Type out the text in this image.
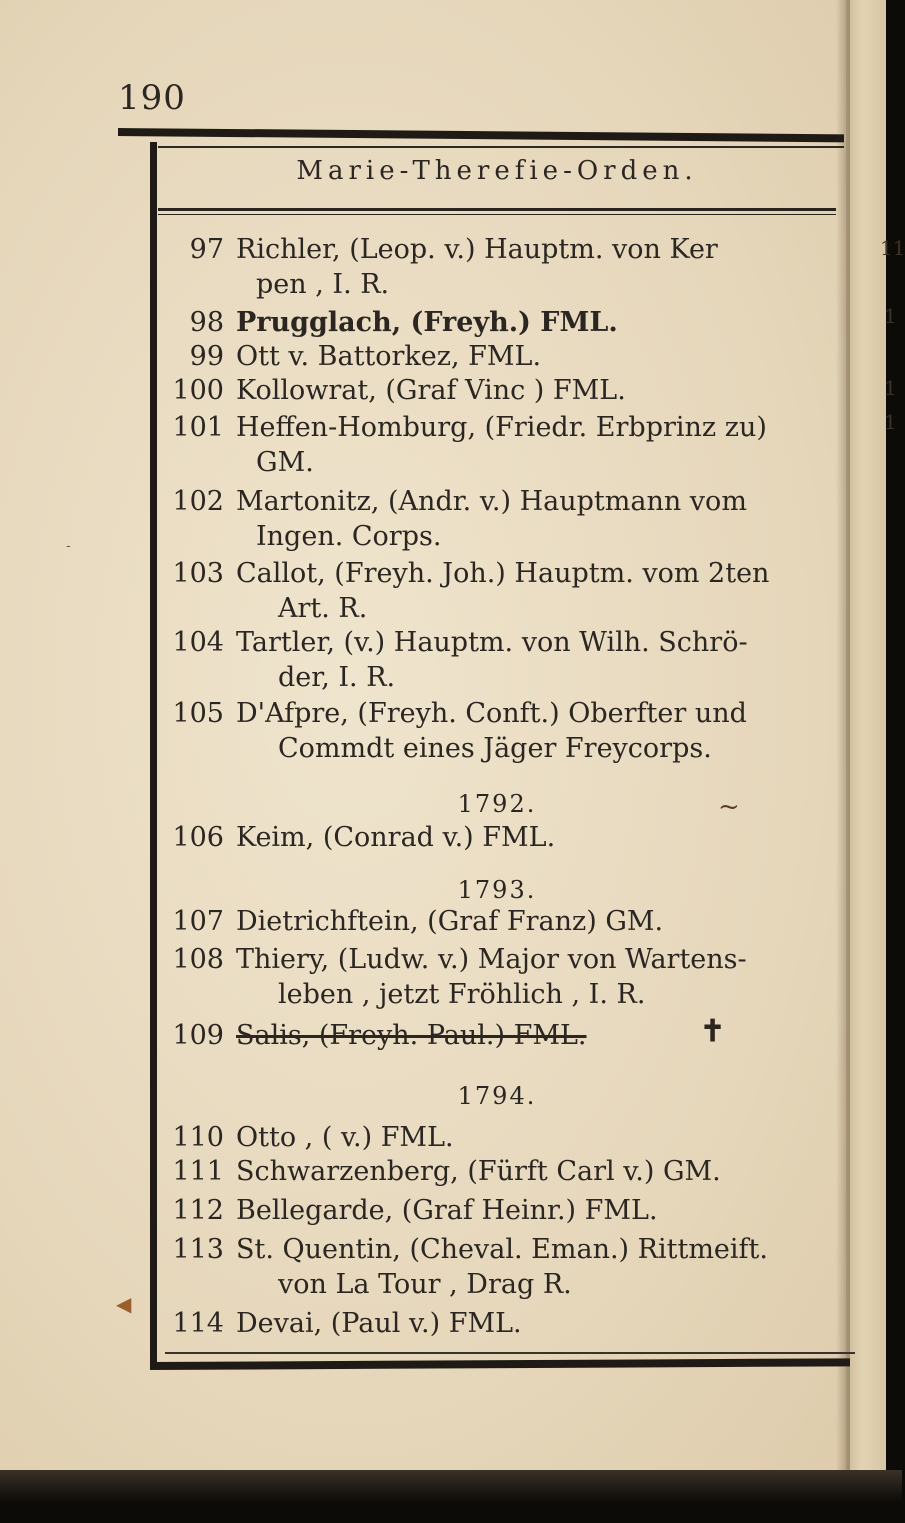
190
Marie-Therefie-Orden.
97 Richler, (Leop. v.) Hauptm. von Ker
pen , I. R.
98 Prugglach, (Freyh.) FML.
99 Ott v. Battorkez, FML.
100 Kollowrat, (Graf Vinc ) FML.
101 Heffen-Homburg, (Friedr. Erbprinz zu)
GM.
102 Martonitz, (Andr. v.) Hauptmann vom
Ingen. Corps.
103 Callot, (Freyh. Joh.) Hauptm. vom 2ten
Art. R.
104 Tartler, (v.) Hauptm. von Wilh. Schrö-
der, I. R.
105 D'Afpre, (Freyh. Conft.) Oberfter und
Commdt eines Jäger Freycorps.
1792.	~
106 Keim, (Conrad v.) FML.
1793.
107 Dietrichftein, (Graf Franz) GM.
108 Thiery, (Ludw. v.) Major von Wartens-
leben , jetzt Fröhlich , I. R.
109 Salis, (Freyh. Paul.) FML.	✝
1794.
110 Otto , ( v.) FML.
111 Schwarzenberg, (Fürft Carl v.) GM.
112 Bellegarde, (Graf Heinr.) FML.
113 St. Quentin, (Cheval. Eman.) Rittmeift.
von La Tour , Drag R.
114 Devai, (Paul v.) FML.
◀
-
11
1
1
1
